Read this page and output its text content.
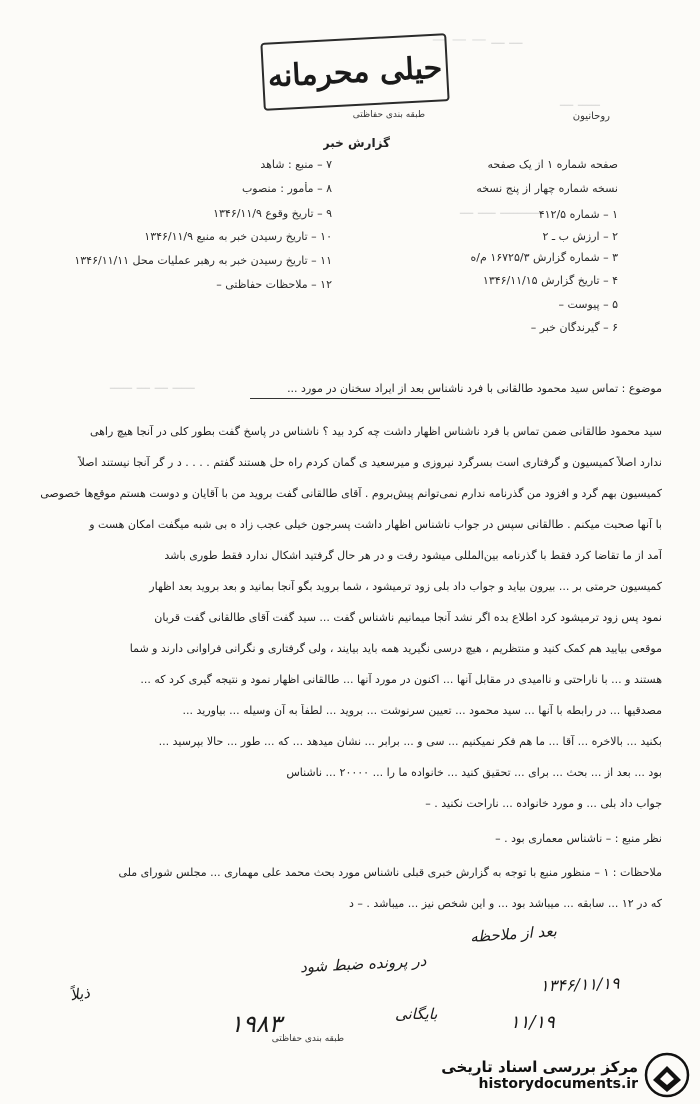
— — — ـــ ـــ
ـــــ ـــ
ـــــــــ ــــ ـــ
ـــــ ـــ ـــ ـــــ
حیلی محرمانه
طبقه بندی حفاظتی	روحانیون
گزارش خبر
صفحه شماره ۱ از یک صفحه
نسخه شماره چهار از پنج نسخه
۱ – شماره ۴۱۲/۵
۲ – ارزش ب ـ ۲
۳ – شماره گزارش ۱۶۷۲۵/۳ م/ه
۴ – تاریخ گزارش ۱۳۴۶/۱۱/۱۵
۵ – پیوست –
۶ – گیرندگان خبر –
۷ – منبع : شاهد
۸ – مأمور : منصوب
۹ – تاریخ وقوع ۱۳۴۶/۱۱/۹
۱۰ – تاریخ رسیدن خبر به منبع ۱۳۴۶/۱۱/۹
۱۱ – تاریخ رسیدن خبر به رهبر عملیات محل ۱۳۴۶/۱۱/۱۱
۱۲ – ملاحظات حفاظتی –
موضوع : تماس سید محمود طالقانی با فرد ناشناس بعد از ایراد سخنان در مورد ...
سید محمود طالقانی ضمن تماس با فرد ناشناس اظهار داشت چه کرد بید ؟ ناشناس در پاسخ گفت بطور کلی در آنجا هیچ راهی
ندارد اصلاً کمیسیون و گرفتاری است بسرگرد نیروزی و میرسعید ی گمان کردم راه حل هستند گفتم . . . . د ر گر آنجا نیستند اصلاً
کمیسیون بهم گرد و افزود من گذرنامه ندارم نمی‌توانم پیش‌بروم . آقای طالقانی گفت بروید من با آقایان و دوست هستم موقع‌ها خصوصی
با آنها صحبت میکنم . طالقانی سپس در جواب ناشناس اظهار داشت پسرجون خیلی عجب ‌زاد ه بی شبه میگفت امکان هست و
آمد از ما تقاضا کرد فقط با گذرنامه بین‌المللی میشود رفت و در هر حال گرفتید اشکال ندارد فقط طوری باشد
کمیسیون حرمتی بر ... بیرون بیاید و جواب داد بلی زود ترمیشود ، شما بروید بگو آنجا بمانید و بعد بروید بعد اظهار
نمود پس زود ترمیشود کرد اطلاع بده اگر نشد آنجا میمانیم ناشناس گفت ... سید گفت آقای طالقانی گفت قربان
موقعی بیایید هم کمک کنید و منتظریم ، هیچ درسی نگیرید همه باید بیایند ، ولی گرفتاری و نگرانی فراوانی دارند و شما
هستند و ... با ناراحتی و ناامیدی در مقابل آنها ... اکنون در مورد آنها ... طالقانی اظهار نمود و نتیجه گیری کرد که ...
مصدقیها ... در رابطه با آنها ... سید محمود ... تعیین سرنوشت ... بروید ... لطفاً به آن وسیله ... بیاورید ...
بکنید ... بالاخره ... آقا ... ما هم فکر نمیکنیم ... سی و ... برابر ... نشان میدهد ... که ... طور ... حالا بپرسید ...
بود ... بعد از ... بحث ... برای ... تحقیق کنید ... خانواده ما را ... ۲۰۰۰۰ ... ناشناس
جواب داد بلی ... و مورد خانواده ... ناراحت نکنید . –
نظر منبع : – ناشناس معماری بود . –
ملاحظات : ۱ – منظور منبع با توجه به گزارش خبری قبلی ناشناس مورد بحث محمد علی مهماری ... مجلس شورای ملی
که در ۱۲ ... سابقه ... میباشد بود ... و این شخص نیز ... میباشد . – د
بعد از ملاحظه
در پرونده ضبط شود
۱۳۴۶/۱۱/۱۹
۱۹۸۳
ذیلاً
بایگانی	۱۱/۱۹
طبقه بندی حفاظتی
مرکز بررسی اسناد تاریخی
historydocuments.ir
